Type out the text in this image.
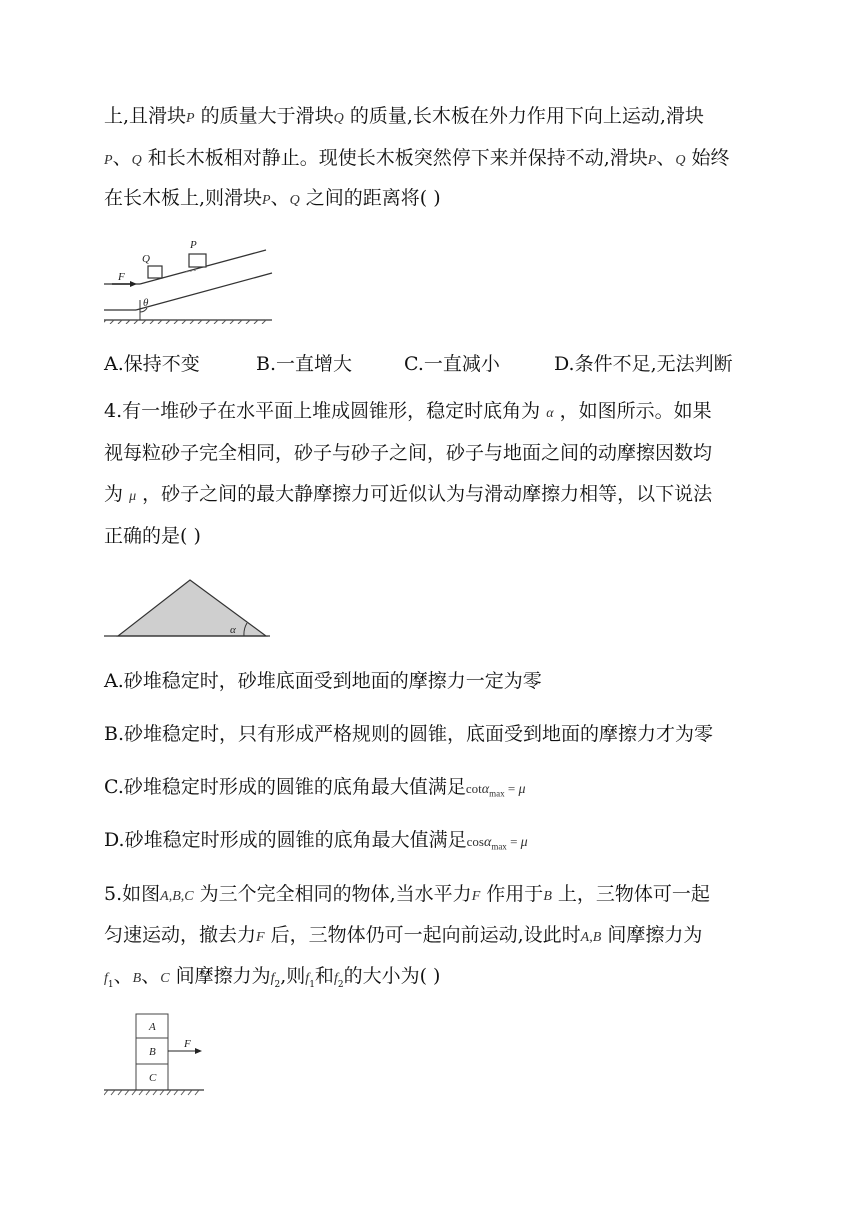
上,且滑块P 的质量大于滑块Q 的质量,长木板在外力作用下向上运动,滑块
P、Q 和长木板相对静止。现使长木板突然停下来并保持不动,滑块P、Q 始终
在长木板上,则滑块P、Q 之间的距离将( )
F
Q
P
θ
A.保持不变	B.一直增大	C.一直减小	D.条件不足,无法判断
4.有一堆砂子在水平面上堆成圆锥形，稳定时底角为 α ，如图所示。如果
视每粒砂子完全相同，砂子与砂子之间，砂子与地面之间的动摩擦因数均
为 μ ，砂子之间的最大静摩擦力可近似认为与滑动摩擦力相等，以下说法
正确的是( )
α
A.砂堆稳定时，砂堆底面受到地面的摩擦力一定为零
B.砂堆稳定时，只有形成严格规则的圆锥，底面受到地面的摩擦力才为零
C.砂堆稳定时形成的圆锥的底角最大值满足cotα$_{max}$ = μ
D.砂堆稳定时形成的圆锥的底角最大值满足cosα$_{max}$ = μ
5.如图A,B,C 为三个完全相同的物体,当水平力F 作用于B 上，三物体可一起
匀速运动，撤去力F 后，三物体仍可一起向前运动,设此时A,B 间摩擦力为
$f_1$、B、C 间摩擦力为$f_2$,则$f_1$和$f_2$的大小为( )
A
B
C
F
